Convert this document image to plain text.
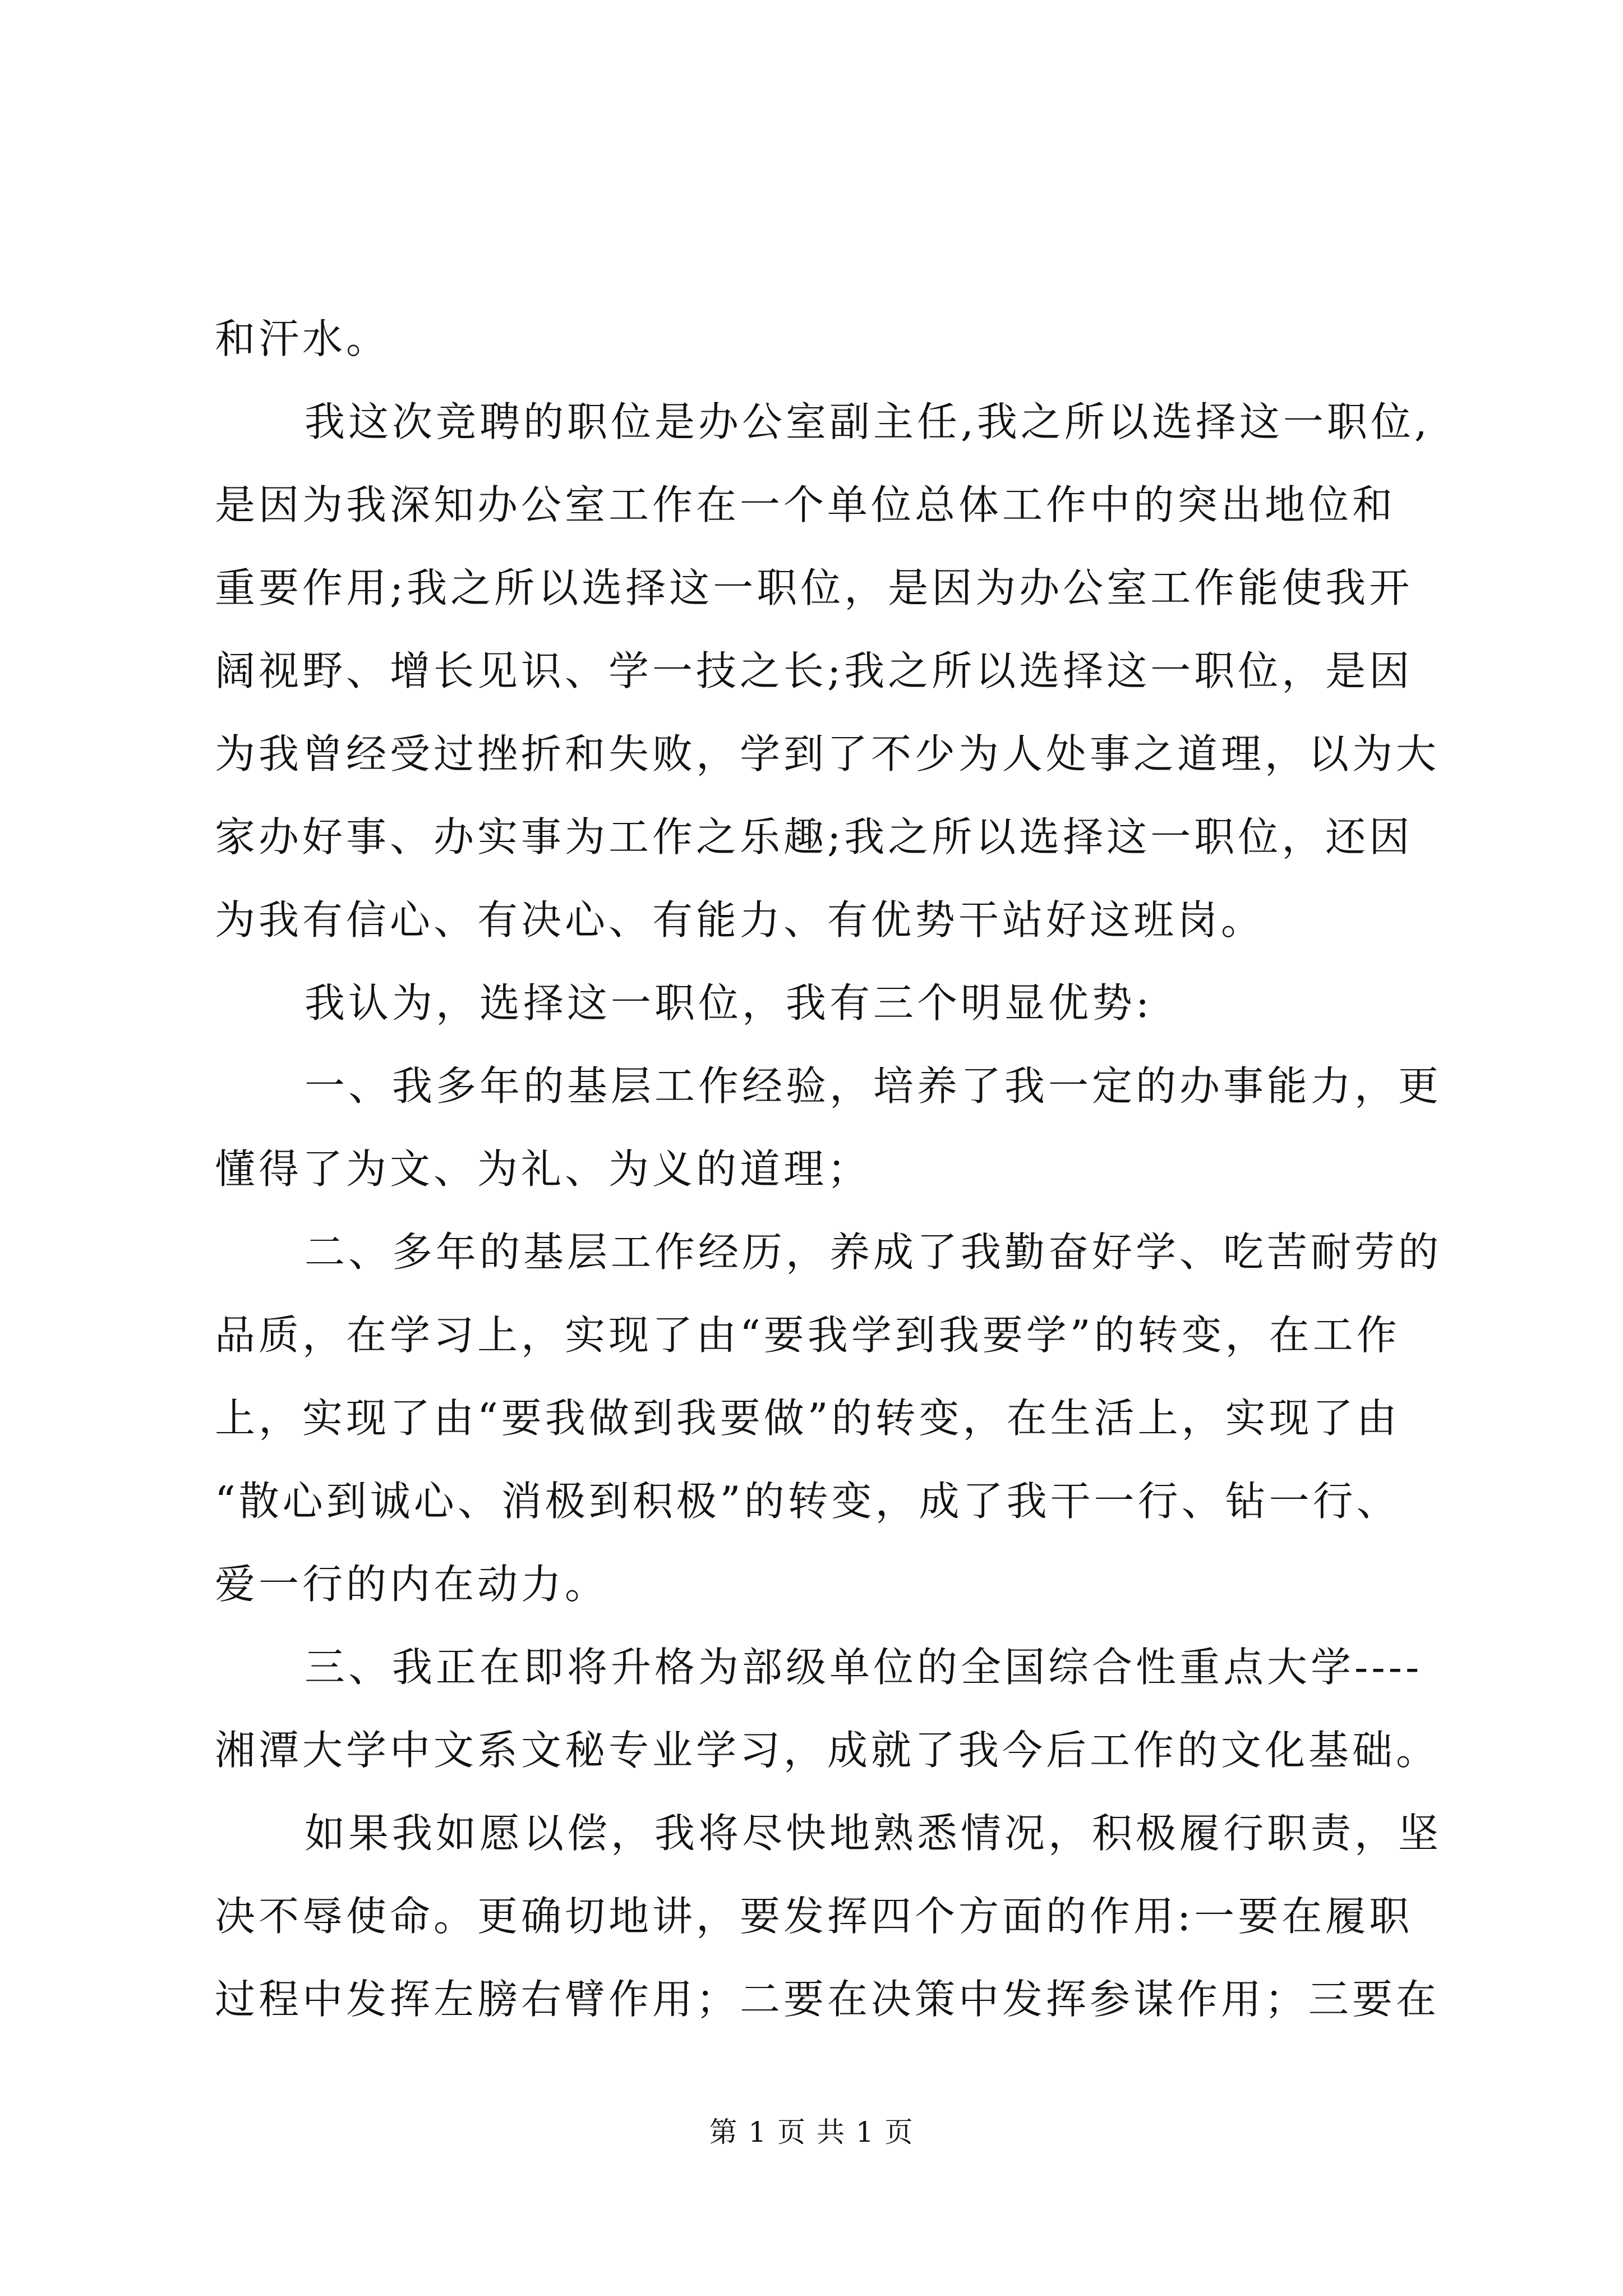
和汗水。
我这次竞聘的职位是办公室副主任,我之所以选择这一职位,
是因为我深知办公室工作在一个单位总体工作中的突出地位和
重要作用;我之所以选择这一职位，是因为办公室工作能使我开
阔视野、增长见识、学一技之长;我之所以选择这一职位，是因
为我曾经受过挫折和失败，学到了不少为人处事之道理，以为大
家办好事、办实事为工作之乐趣;我之所以选择这一职位，还因
为我有信心、有决心、有能力、有优势干站好这班岗。
我认为，选择这一职位，我有三个明显优势:
一、我多年的基层工作经验，培养了我一定的办事能力，更
懂得了为文、为礼、为义的道理；
二、多年的基层工作经历，养成了我勤奋好学、吃苦耐劳的
品质，在学习上，实现了由“要我学到我要学”的转变，在工作
上，实现了由“要我做到我要做”的转变，在生活上，实现了由
“散心到诚心、消极到积极”的转变，成了我干一行、钻一行、
爱一行的内在动力。
三、我正在即将升格为部级单位的全国综合性重点大学----
湘潭大学中文系文秘专业学习，成就了我今后工作的文化基础。
如果我如愿以偿，我将尽快地熟悉情况，积极履行职责，坚
决不辱使命。更确切地讲，要发挥四个方面的作用:一要在履职
过程中发挥左膀右臂作用；二要在决策中发挥参谋作用；三要在
第 1 页 共 1 页
